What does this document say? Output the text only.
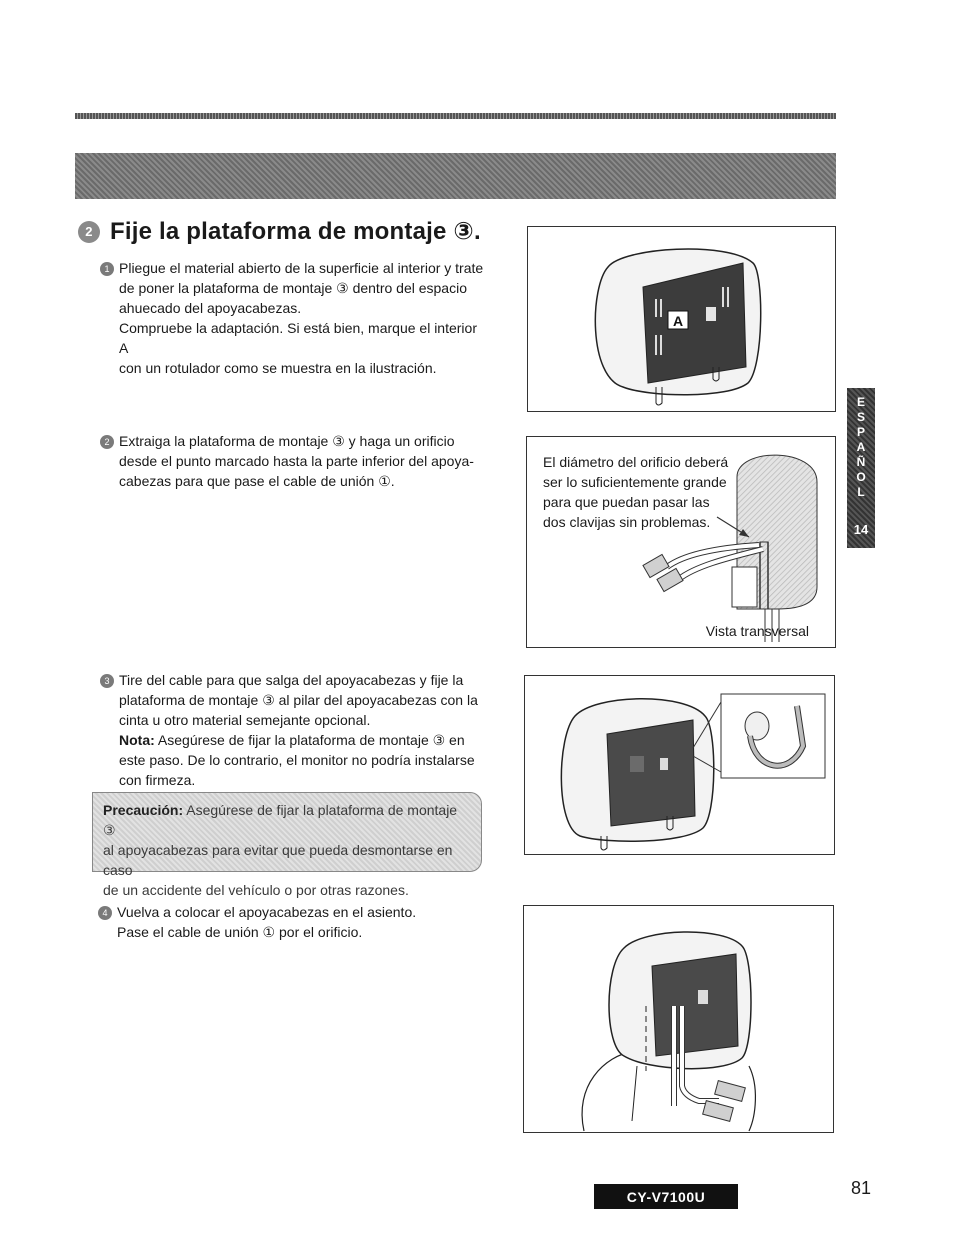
2 Fije la plataforma de montaje ③.
1 Pliegue el material abierto de la superficie al interior y trate

de poner la plataforma de montaje ③ dentro del espacio

ahuecado del apoyacabezas.

Compruebe la adaptación. Si está bien, marque el interior A

con un rotulador como se muestra en la ilustración.

2 Extraiga la plataforma de montaje ③ y haga un orificio

desde el punto marcado hasta la parte inferior del apoya-

cabezas para que pase el cable de unión ①.

3 Tire del cable para que salga del apoyacabezas y fije la

plataforma de montaje ③ al pilar del apoyacabezas con la

cinta u otro material semejante opcional.

Nota: Asegúrese de fijar la plataforma de montaje ③ en

este paso. De lo contrario, el monitor no podría instalarse

con firmeza.

Precaución: Asegúrese de fijar la plataforma de montaje ③
al apoyacabezas para evitar que pueda desmontarse en caso
de un accidente del vehículo o por otras razones.
4 Vuelva a colocar el apoyacabezas en el asiento.

Pase el cable de unión ① por el orificio.

A
El diámetro del orificio deberá
ser lo suficientemente grande
para que puedan pasar las
dos clavijas sin problemas.
Vista transversal
E
S
P
A
Ñ
O
L
14
CY-V7100U	81
